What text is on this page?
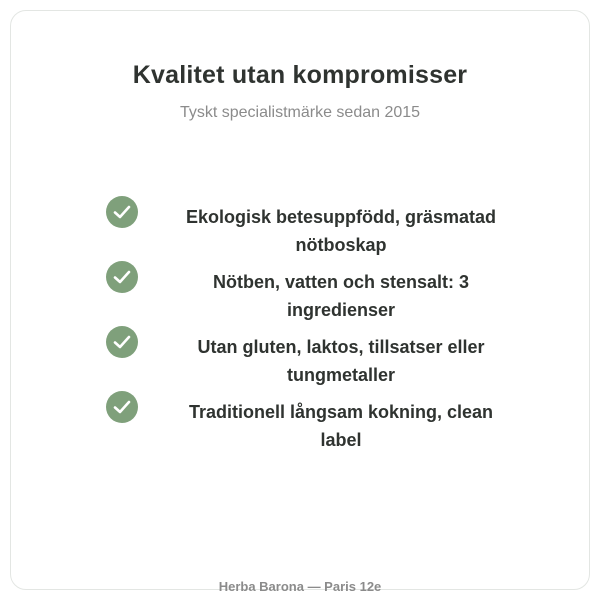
Kvalitet utan kompromisser
Tyskt specialistmärke sedan 2015
Ekologisk betesuppfödd, gräsmatad nötboskap
Nötben, vatten och stensalt: 3 ingredienser
Utan gluten, laktos, tillsatser eller tungmetaller
Traditionell långsam kokning, clean label
Herba Barona — Paris 12e
